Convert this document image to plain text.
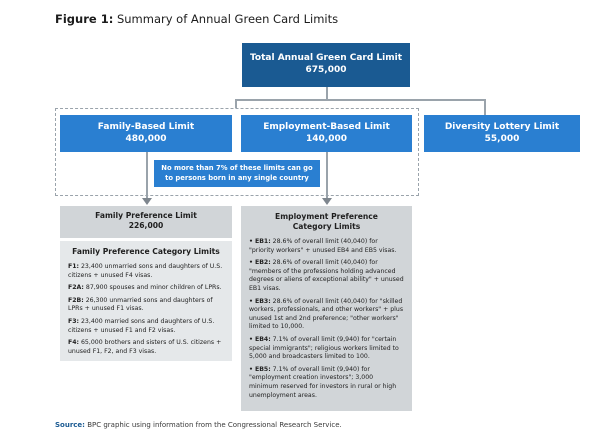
Figure 1: Summary of Annual Green Card Limits
Total Annual Green Card Limit
675,000
Family-Based Limit
480,000
Employment-Based Limit
140,000
Diversity Lottery Limit
55,000
No more than 7% of these limits can go to persons born in any single country
Family Preference Limit
226,000
Family Preference Category Limits
F1: 23,400 unmarried sons and daughters of U.S. citizens + unused F4 visas.
F2A: 87,900 spouses and minor children of LPRs.
F2B: 26,300 unmarried sons and daughters of LPRs + unused F1 visas.
F3: 23,400 married sons and daughters of U.S. citizens + unused F1 and F2 visas.
F4: 65,000 brothers and sisters of U.S. citizens + unused F1, F2, and F3 visas.
Employment Preference Category Limits
• EB1: 28.6% of overall limit (40,040) for "priority workers" + unused EB4 and EB5 visas.
• EB2: 28.6% of overall limit (40,040) for "members of the professions holding advanced degrees or aliens of exceptional ability" + unused EB1 visas.
• EB3: 28.6% of overall limit (40,040) for "skilled workers, professionals, and other workers" + plus unused 1st and 2nd preference; "other workers" limited to 10,000.
• EB4: 7.1% of overall limit (9,940) for "certain special immigrants"; religious workers limited to 5,000 and broadcasters limited to 100.
• EB5: 7.1% of overall limit (9,940) for "employment creation investors"; 3,000 minimum reserved for investors in rural or high unemployment areas.
Source: BPC graphic using information from the Congressional Research Service.
